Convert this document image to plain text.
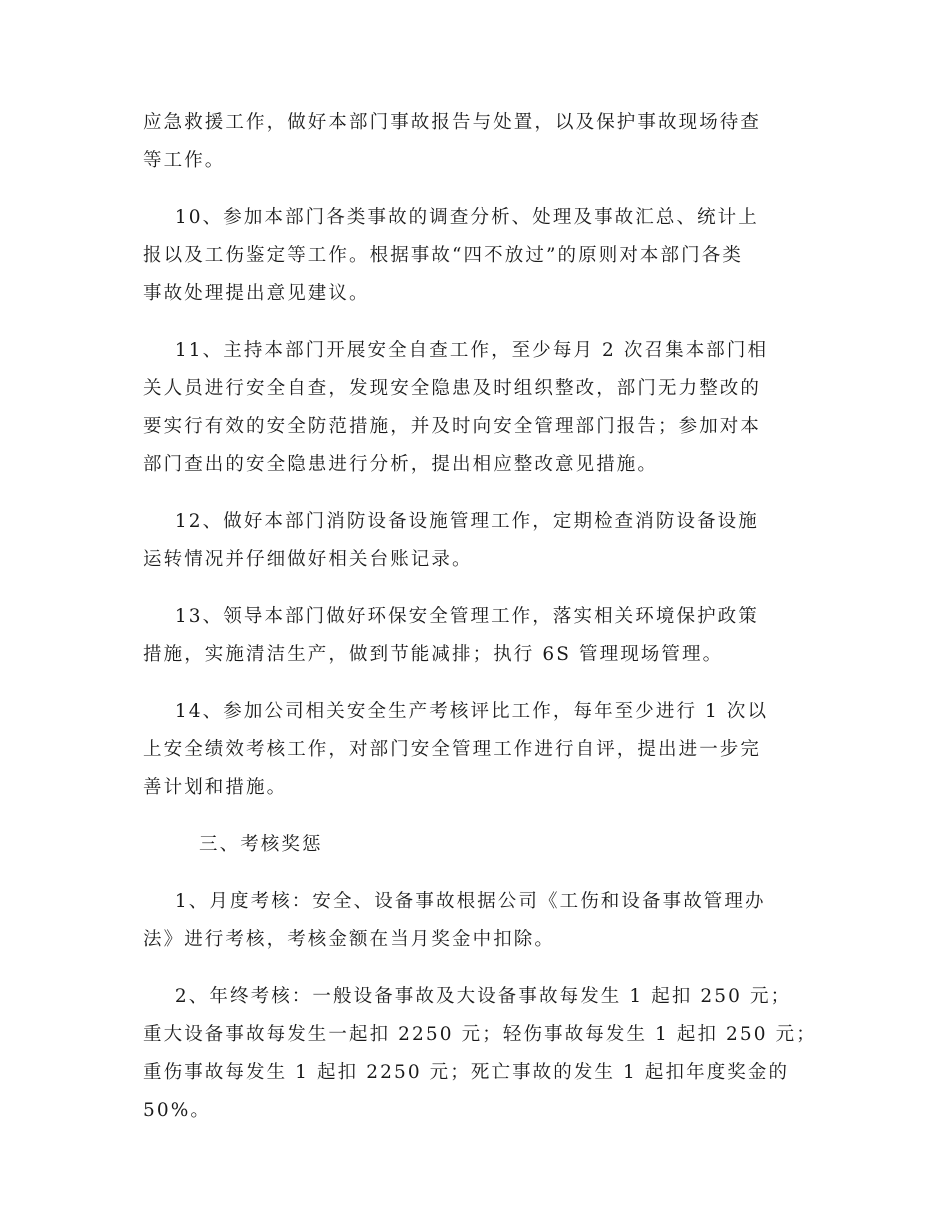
应急救援工作，做好本部门事故报告与处置，以及保护事故现场待查
等工作。

10、参加本部门各类事故的调查分析、处理及事故汇总、统计上
报以及工伤鉴定等工作。根据事故“四不放过”的原则对本部门各类
事故处理提出意见建议。

11、主持本部门开展安全自查工作，至少每月 2 次召集本部门相
关人员进行安全自查，发现安全隐患及时组织整改，部门无力整改的
要实行有效的安全防范措施，并及时向安全管理部门报告；参加对本
部门查出的安全隐患进行分析，提出相应整改意见措施。

12、做好本部门消防设备设施管理工作，定期检查消防设备设施
运转情况并仔细做好相关台账记录。

13、领导本部门做好环保安全管理工作，落实相关环境保护政策
措施，实施清洁生产，做到节能减排；执行 6S 管理现场管理。

14、参加公司相关安全生产考核评比工作，每年至少进行 1 次以
上安全绩效考核工作，对部门安全管理工作进行自评，提出进一步完
善计划和措施。

三、考核奖惩

1、月度考核：安全、设备事故根据公司《工伤和设备事故管理办
法》进行考核，考核金额在当月奖金中扣除。

2、年终考核：一般设备事故及大设备事故每发生 1 起扣 250 元；
重大设备事故每发生一起扣 2250 元；轻伤事故每发生 1 起扣 250 元；
重伤事故每发生 1 起扣 2250 元；死亡事故的发生 1 起扣年度奖金的
50%。
